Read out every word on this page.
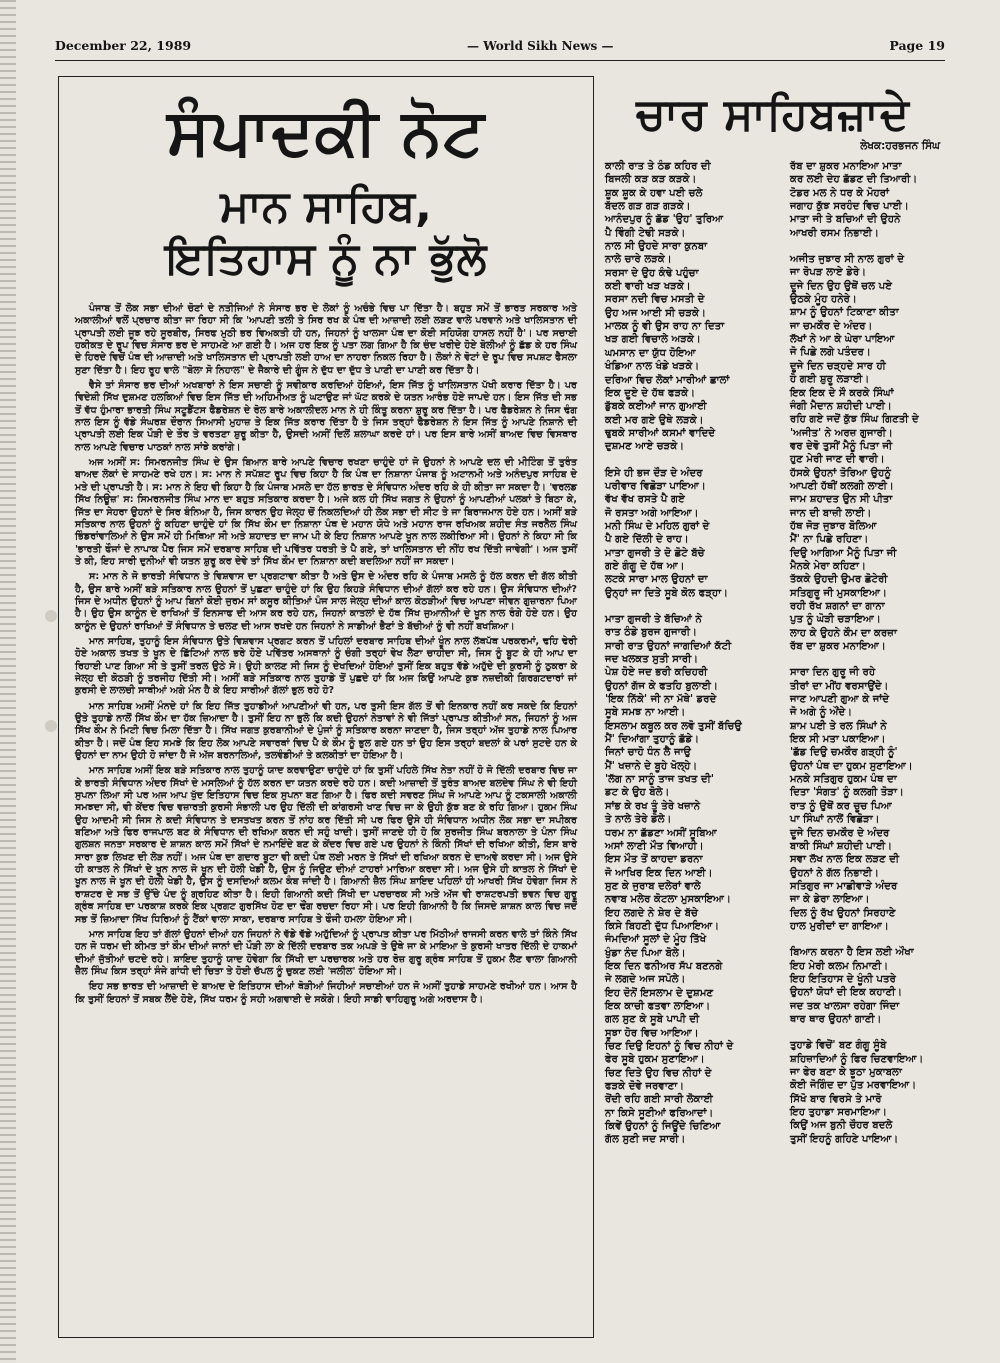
December 22, 1989	— World Sikh News —	Page 19
ਸੰਪਾਦਕੀ ਨੋਟ
ਮਾਨ ਸਾਹਿਬ,
ਇਤਿਹਾਸ ਨੂੰ ਨਾ ਭੁੱਲੋ

ਪੰਜਾਬ ਤੋਂ ਲੋਕ ਸਭਾ ਦੀਆਂ ਚੋਣਾਂ ਦੇ ਨਤੀਜਿਆਂ ਨੇ ਸੰਸਾਰ ਭਰ ਦੇ ਲੋਕਾਂ ਨੂੰ ਅਚੰਭੇ ਵਿਚ ਪਾ ਦਿੱਤਾ ਹੈ। ਬਹੁਤ ਸਮੇਂ ਤੋਂ ਭਾਰਤ ਸਰਕਾਰ ਅਤੇ ਅਕਾਲੀਆਂ ਵਲੋਂ ਪ੍ਰਚਾਰ ਕੀਤਾ ਜਾ ਰਿਹਾ ਸੀ ਕਿ 'ਆਪਣੀ ਤਲੀ ਤੇ ਸਿਰ ਰਖ ਕੇ ਪੰਥ ਦੀ ਆਜ਼ਾਦੀ ਲਈ ਲੜਣ ਵਾਲੇ ਪਰਵਾਨੇ ਅਤੇ ਖਾਲਿਸਤਾਨ ਦੀ ਪ੍ਰਾਪਤੀ ਲਈ ਜੂਝ ਰਹੇ ਸੂਰਬੀਰ, ਸਿਰਫ ਮੁਠੀ ਭਰ ਵਿਅਕਤੀ ਹੀ ਹਨ, ਜਿਹਨਾਂ ਨੂੰ ਖਾਲਸਾ ਪੰਥ ਦਾ ਕੋਈ ਸਹਿਯੋਗ ਹਾਸਲ ਨਹੀਂ ਹੈ'। ਪਰ ਸਚਾਈ ਹਕੀਕਤ ਦੇ ਰੂਪ ਵਿਚ ਸੰਸਾਰ ਭਰ ਦੇ ਸਾਹਮਣੇ ਆ ਗਈ ਹੈ। ਅਜ ਹਰ ਇਕ ਨੂੰ ਪਤਾ ਲਗ ਗਿਆ ਹੈ ਕਿ ਚੰਦ ਖਰੀਦੇ ਹੋਏ ਬੋਲੀਆਂ ਨੂੰ ਛੱਡ ਕੇ ਹਰ ਸਿੰਘ ਦੇ ਹਿਰਦੇ ਵਿਚੋਂ ਪੰਥ ਦੀ ਆਜ਼ਾਦੀ ਅਤੇ ਖਾਲਿਸਤਾਨ ਦੀ ਪ੍ਰਾਪਤੀ ਲਈ ਹਾਅ ਦਾ ਨਾਹਰਾ ਨਿਕਲ ਰਿਹਾ ਹੈ। ਲੋਕਾਂ ਨੇ ਵੋਟਾਂ ਦੇ ਰੂਪ ਵਿਚ ਸਪਸ਼ਟ ਫੈਸਲਾ ਸੁਣਾ ਦਿੱਤਾ ਹੈ। ਇਹ ਰੂਹ ਵਾਲੇ "ਬੋਲਾ ਸੋ ਨਿਹਾਲ" ਦੇ ਜੈਕਾਰੇ ਦੀ ਗੂੰਜ ਨੇ ਦੁੱਧ ਦਾ ਦੁੱਧ ਤੇ ਪਾਣੀ ਦਾ ਪਾਣੀ ਕਰ ਦਿੱਤਾ ਹੈ।

ਵੈਸੇ ਤਾਂ ਸੰਸਾਰ ਭਰ ਦੀਆਂ ਅਖਬਾਰਾਂ ਨੇ ਇਸ ਸਚਾਈ ਨੂੰ ਸਵੀਕਾਰ ਕਰਦਿਆਂ ਹੋਇਆਂ, ਇਸ ਜਿੱਤ ਨੂੰ ਖਾਲਿਸਤਾਨ ਪੱਖੀ ਕਰਾਰ ਦਿੱਤਾ ਹੈ। ਪਰ ਵਿਦੇਸ਼ੀ ਸਿੱਖ ਦੁਸ਼ਮਣ ਹਲਕਿਆਂ ਵਿਚ ਇਸ ਜਿੱਤ ਦੀ ਅਹਿਮੀਅਤ ਨੂੰ ਘਟਾਉਣ ਜਾਂ ਘੱਟ ਕਰਕੇ ਦੇ ਯਤਨ ਆਰੰਭ ਹੋਏ ਜਾਪਦੇ ਹਨ। ਇਸ ਜਿੱਤ ਦੀ ਸਭ ਤੋਂ ਵੱਧ ਹੁੰਮਾਰਾ ਭਾਰਤੀ ਸਿੰਘ ਸਟੂਡੈਂਟਸ ਫੈਡਰੇਸ਼ਨ ਦੇ ਰੋਲ ਬਾਰੇ ਅਕਾਲੀਦਲ ਮਾਨ ਨੇ ਹੀ ਕਿੰਤੂ ਕਰਨਾ ਸ਼ੁਰੂ ਕਰ ਦਿੱਤਾ ਹੈ। ਪਰ ਫੈਡਰੇਸ਼ਨ ਨੇ ਜਿਸ ਢੰਗ ਨਾਲ ਇਸ ਨੂੰ ਵੱਡੇ ਸੰਘਰਸ਼ ਦੌਰਾਨ ਸਿਆਸੀ ਮੁਹਾਜ਼ ਤੇ ਇਕ ਜਿੱਤ ਕਰਾਰ ਦਿੱਤਾ ਹੈ ਤੇ ਜਿਸ ਤਰ੍ਹਾਂ ਫੈਡਰੇਸ਼ਨ ਨੇ ਇਸ ਜਿੱਤ ਨੂੰ ਆਪਣੇ ਨਿਸ਼ਾਨੇ ਦੀ ਪ੍ਰਾਪਤੀ ਲਈ ਇਕ ਪੌੜੀ ਦੇ ਤੌਰ ਤੇ ਵਰਤਣਾ ਸ਼ੁਰੂ ਕੀਤਾ ਹੈ, ਉਸਦੀ ਅਸੀਂ ਦਿਲੋਂ ਸ਼ਲਾਘਾ ਕਰਦੇ ਹਾਂ। ਪਰ ਇਸ ਬਾਰੇ ਅਸੀਂ ਬਾਅਦ ਵਿਚ ਵਿਸਥਾਰ ਨਾਲ ਆਪਣੇ ਵਿਚਾਰ ਪਾਠਕਾਂ ਨਾਲ ਸਾਂਝੇ ਕਰਾਂਗੇ।

ਅਜ ਅਸੀਂ ਸ: ਸਿਮਰਨਜੀਤ ਸਿੰਘ ਦੇ ਉਸ ਬਿਆਨ ਬਾਰੇ ਆਪਣੇ ਵਿਚਾਰ ਰਖਣਾ ਚਾਹੁੰਦੇ ਹਾਂ ਜੋ ਉਹਨਾਂ ਨੇ ਆਪਣੇ ਦਲ ਦੀ ਮੀਟਿੰਗ ਤੋਂ ਤੁਰੰਤ ਬਾਅਦ ਲੋਕਾਂ ਦੇ ਸਾਹਮਣੇ ਰਖੇ ਹਨ। ਸ: ਮਾਨ ਨੇ ਸਪੱਸ਼ਟ ਰੂਪ ਵਿਚ ਕਿਹਾ ਹੈ ਕਿ ਪੰਥ ਦਾ ਨਿਸ਼ਾਨਾ ਪੰਜਾਬ ਨੂੰ ਅਟਾਨਮੀ ਅਤੇ ਅਨੰਦਪੁਰ ਸਾਹਿਬ ਦੇ ਮਤੇ ਦੀ ਪ੍ਰਾਪਤੀ ਹੈ। ਸ: ਮਾਨ ਨੇ ਇਹ ਵੀ ਕਿਹਾ ਹੈ ਕਿ ਪੰਜਾਬ ਮਸਲੇ ਦਾ ਹੱਲ ਭਾਰਤ ਦੇ ਸੰਵਿਧਾਨ ਅੰਦਰ ਰਹਿ ਕੇ ਹੀ ਕੀਤਾ ਜਾ ਸਕਦਾ ਹੈ। 'ਵਰਲਡ ਸਿੱਖ ਨਿਊਜ਼' ਸ: ਸਿਮਰਨਜੀਤ ਸਿੰਘ ਮਾਨ ਦਾ ਬਹੁਤ ਸਤਿਕਾਰ ਕਰਦਾ ਹੈ। ਅਜੇ ਕਲ ਹੀ ਸਿੱਖ ਜਗਤ ਨੇ ਉਹਨਾਂ ਨੂੰ ਆਪਣੀਆਂ ਪਲਕਾਂ ਤੇ ਬਿਠਾ ਕੇ, ਜਿੱਤ ਦਾ ਸੇਹਰਾ ਉਹਨਾਂ ਦੇ ਸਿਰ ਬੰਨਿਆ ਹੈ, ਜਿਸ ਕਾਰਨ ਉਹ ਜੇਲ੍ਹ ਚੋਂ ਨਿਕਲਦਿਆਂ ਹੀ ਲੋਕ ਸਭਾ ਦੀ ਸੀਟ ਤੇ ਜਾ ਬਿਰਾਜਮਾਨ ਹੋਏ ਹਨ। ਅਸੀਂ ਬੜੇ ਸਤਿਕਾਰ ਨਾਲ ਉਹਨਾਂ ਨੂੰ ਕਹਿਣਾ ਚਾਹੁੰਦੇ ਹਾਂ ਕਿ ਸਿੱਖ ਕੌਮ ਦਾ ਨਿਸ਼ਾਨਾ ਪੰਥ ਦੇ ਮਹਾਨ ਯੋਧੇ ਅਤੇ ਮਹਾਨ ਰਾਜ ਰਖਿਅਕ ਸ਼ਹੀਦ ਸੰਤ ਜਰਨੈਲ ਸਿੰਘ ਭਿੰਡਰਾਂਵਾਲਿਆਂ ਨੇ ਉਸ ਸਮੇਂ ਹੀ ਮਿਥਿਆ ਸੀ ਅਤੇ ਸ਼ਹਾਦਤ ਦਾ ਜਾਮ ਪੀ ਕੇ ਇਹ ਨਿਸ਼ਾਨ ਆਪਣੇ ਖੂਨ ਨਾਲ ਲਕੀਰਿਆ ਸੀ। ਉਹਨਾਂ ਨੇ ਕਿਹਾ ਸੀ ਕਿ 'ਭਾਰਤੀ ਫੌਜਾਂ ਦੇ ਨਾਪਾਕ ਪੈਰ ਜਿਸ ਸਮੇਂ ਦਰਬਾਰ ਸਾਹਿਬ ਦੀ ਪਵਿੱਤਰ ਧਰਤੀ ਤੇ ਪੈ ਗਏ, ਤਾਂ ਖਾਲਿਸਤਾਨ ਦੀ ਨੀਂਹ ਰਖ ਦਿੱਤੀ ਜਾਵੇਗੀ'। ਅਜ ਤੁਸੀਂ ਤੇ ਕੀ, ਇਹ ਸਾਰੀ ਦੁਨੀਆਂ ਵੀ ਯਤਨ ਸ਼ੁਰੂ ਕਰ ਦੇਵੇ ਤਾਂ ਸਿੱਖ ਕੌਮ ਦਾ ਨਿਸ਼ਾਨਾ ਕਦੀ ਬਦਲਿਆ ਨਹੀਂ ਜਾ ਸਕਦਾ।

ਸ: ਮਾਨ ਨੇ ਜੋ ਭਾਰਤੀ ਸੰਵਿਧਾਨ ਤੇ ਵਿਸ਼ਵਾਸ ਦਾ ਪ੍ਰਗਟਾਵਾ ਕੀਤਾ ਹੈ ਅਤੇ ਉਸ ਦੇ ਅੰਦਰ ਰਹਿ ਕੇ ਪੰਜਾਬ ਮਸਲੇ ਨੂੰ ਹੱਲ ਕਰਨ ਦੀ ਗੱਲ ਕੀਤੀ ਹੈ, ਉਸ ਬਾਰੇ ਅਸੀਂ ਬੜੇ ਸਤਿਕਾਰ ਨਾਲ ਉਹਨਾਂ ਤੋਂ ਪੁਛਣਾ ਚਾਹੁੰਦੇ ਹਾਂ ਕਿ ਉਹ ਕਿਹੜੇ ਸੰਵਿਧਾਨ ਦੀਆਂ ਗੱਲਾਂ ਕਰ ਰਹੇ ਹਨ। ਉਸ ਸੰਵਿਧਾਨ ਦੀਆਂ? ਜਿਸ ਦੇ ਅਧੀਨ ਉਹਨਾਂ ਨੂੰ ਆਪ ਬਿਨਾਂ ਕੋਈ ਜੁਰਮ ਸਾਂ ਕਸੂਰ ਕੀਤਿਆਂ ਪੰਜ ਸਾਲ ਜੇਲ੍ਹ ਦੀਆਂ ਕਾਲ ਕੋਠੜੀਆਂ ਵਿਚ ਆਪਣਾ ਜੀਵਨ ਗੁਜ਼ਾਰਨਾ ਪਿਆ ਹੈ। ਉਹ ਉਸ ਕਾਨੂੰਨ ਦੇ ਰਾਖਿਆਂ ਤੋਂ ਇਨਸਾਫ ਦੀ ਆਸ ਕਰ ਰਹੇ ਹਨ, ਜਿਹਨਾਂ ਕਾਤਲਾਂ ਦੇ ਹੱਥ ਸਿੱਖ ਜੁਆਨੀਆਂ ਦੇ ਖੂਨ ਨਾਲ ਰੰਗੇ ਹੋਏ ਹਨ। ਉਹ ਕਾਨੂੰਨ ਦੇ ਉਹਨਾਂ ਰਾਖਿਆਂ ਤੋਂ ਸੰਵਿਧਾਨ ਤੇ ਚਲਣ ਦੀ ਆਸ ਰਖਦੇ ਹਨ ਜਿਹਨਾਂ ਨੇ ਸਾਡੀਆਂ ਭੈਣਾਂ ਤੇ ਬੱਚੀਆਂ ਨੂੰ ਵੀ ਨਹੀਂ ਬਖਸ਼ਿਆ।

ਮਾਨ ਸਾਹਿਬ, ਤੁਹਾਨੂੰ ਇਸ ਸੰਵਿਧਾਨ ਉਤੇ ਵਿਸ਼ਵਾਸ ਪ੍ਰਗਟ ਕਰਨ ਤੋਂ ਪਹਿਲਾਂ ਦਰਬਾਰ ਸਾਹਿਬ ਦੀਆਂ ਖੂੰਨ ਨਾਲ ਲੱਥਪੱਥ ਪਰਕਰਮਾਂ, ਢਹਿ ਢੇਰੀ ਹੋਏ ਅਕਾਲ ਤਖਤ ਤੇ ਖੂਨ ਦੇ ਛਿੱਟਿਆਂ ਨਾਲ ਭਰੇ ਹੋਏ ਪਵਿੱਤਰ ਅਸਥਾਨਾਂ ਨੂੰ ਚੰਗੀ ਤਰ੍ਹਾਂ ਵੇਖ ਲੈਣਾ ਚਾਹੀਦਾ ਸੀ, ਜਿਸ ਨੂੰ ਬੂਟ ਕੇ ਹੀ ਆਪ ਦਾ ਰਿਹਾਈ ਪਾਣ ਗਿਆ ਸੀ ਤੇ ਤੁਸੀਂ ਤਰਲ ਉਠੇ ਸੋ। ਉਹੀ ਕਾਲਣ ਸੀ ਜਿਸ ਨੂੰ ਦੇਖਦਿਆਂ ਹੋਇਆਂ ਤੁਸੀਂ ਇਕ ਬਹੁਤ ਵੱਡੇ ਅਹੁੱਦੇ ਦੀ ਕੁਰਸੀ ਨੂੰ ਠੁਕਰਾ ਕੇ ਜੇਲ੍ਹ ਦੀ ਕੋਠੜੀ ਨੂੰ ਤਰਜੀਹ ਦਿੱਤੀ ਸੀ। ਅਸੀਂ ਬੜੇ ਸਤਿਕਾਰ ਨਾਲ ਤੁਹਾਡੇ ਤੋਂ ਪੁਛਦੇ ਹਾਂ ਕਿ ਅਜ ਕਿਉਂ ਆਪਣੇ ਕੁਝ ਨਜ਼ਦੀਕੀ ਗਿਰਗਟਦਾਰਾਂ ਜਾਂ ਕੁਰਸੀ ਦੇ ਲਾਲਚੀ ਸਾਥੀਆਂ ਅਗੇ ਮੰਨ ਹੈ ਕੇ ਇਹ ਸਾਰੀਆਂ ਗੱਲਾਂ ਭੁਲ ਰਹੇ ਹੋ?

ਮਾਨ ਸਾਹਿਬ ਅਸੀਂ ਮੰਨਦੇ ਹਾਂ ਕਿ ਇਹ ਜਿੱਤ ਤੁਹਾਡੀਆਂ ਆਪਣੀਆਂ ਵੀ ਹਨ, ਪਰ ਤੁਸੀ ਇਸ ਗੱਲ ਤੋਂ ਵੀ ਇਨਕਾਰ ਨਹੀਂ ਕਰ ਸਕਦੇ ਕਿ ਇਹਨਾਂ ਉਤੇ ਤੁਹਾਡੇ ਨਾਲੋਂ ਸਿੱਖ ਕੌਮ ਦਾ ਹੱਕ ਜ਼ਿਆਦਾ ਹੈ। ਤੁਸੀਂ ਇਹ ਨਾ ਭੁਲੋ ਕਿ ਕਦੀ ਉਹਨਾਂ ਨੇਤਾਵਾਂ ਨੇ ਵੀ ਜਿੱਤਾਂ ਪ੍ਰਾਪਤ ਕੀਤੀਆਂ ਸਨ, ਜਿਹਨਾਂ ਨੂੰ ਅਜ ਸਿੱਖ ਕੌਮ ਨੇ ਮਿਟੀ ਵਿਚ ਮਿਲਾ ਦਿੱਤਾ ਹੈ। ਸਿੱਖ ਜਗਤ ਕੁਰਬਾਨੀਆਂ ਦੇ ਪੁੰਜਾਂ ਨੂੰ ਸਤਿਕਾਰ ਕਰਨਾ ਜਾਣਦਾ ਹੈ, ਜਿਸ ਤਰ੍ਹਾਂ ਅੱਜ ਤੁਹਾਡੇ ਨਾਲ ਪਿਆਰ ਕੀਤਾ ਹੈ। ਜਦੋਂ ਪੰਥ ਇਹ ਸਮਝੇ ਕਿ ਇਹ ਲੋਕ ਆਪਣੇ ਸਵਾਰਥਾਂ ਵਿਚ ਪੈ ਕੇ ਕੌਮ ਨੂੰ ਭੁਲ ਗਏ ਹਨ ਤਾਂ ਉਹ ਇਸ ਤਰ੍ਹਾਂ ਬਦਲਾਂ ਕੇ ਪਰਾਂ ਸੁਟਦੇ ਹਨ ਕੇ ਉਹਨਾਂ ਦਾ ਨਾਮ ਉਹੀ ਹੋ ਜਾਂਦਾ ਹੈ ਜੋ ਅੱਜ ਬਰਨਾਲਿਆਂ, ਤਲਵੰਡੀਆਂ ਤੇ ਕਲਕੀਤਾਂ ਦਾ ਹੋਇਆ ਹੈ।

ਮਾਨ ਸਾਹਿਬ ਅਸੀਂ ਇਕ ਬੜੇ ਸਤਿਕਾਰ ਨਾਲ ਤੁਹਾਨੂੰ ਯਾਦ ਕਰਵਾਉਣਾ ਚਾਹੁੰਦੇ ਹਾਂ ਕਿ ਤੁਸੀਂ ਪਹਿਲੇ ਸਿੱਖ ਨੇਤਾ ਨਹੀਂ ਹੋ ਜੋ ਦਿੱਲੀ ਦਰਬਾਰ ਵਿਚ ਜਾ ਕੇ ਭਾਰਤੀ ਸੰਵਿਧਾਨ ਅੰਦਰ ਸਿੱਖਾਂ ਦੇ ਮਸਲਿਆਂ ਨੂੰ ਹੱਲ ਕਰਨ ਦਾ ਯਤਨ ਕਰਦੇ ਰਹੇ ਹਨ। ਕਦੀ ਆਜ਼ਾਦੀ ਤੋਂ ਤੁਰੰਤ ਬਾਅਦ ਬਲਦੇਵ ਸਿੰਘ ਨੇ ਵੀ ਇਹੀ ਸੁਪਨਾ ਲਿਆ ਸੀ ਪਰ ਅਜ ਆਪ ਖੁੱਦ ਇਤਿਹਾਸ ਵਿਚ ਇਕ ਸੁਪਨਾ ਬਣ ਗਿਆ ਹੈ। ਫਿਰ ਕਦੀ ਸਵਰਣ ਸਿੰਘ ਜੋ ਆਪਣੇ ਆਪ ਨੂੰ ਟਕਸਾਲੀ ਅਕਾਲੀ ਸਮਝਦਾ ਸੀ, ਵੀ ਕੇਂਦਰ ਵਿਚ ਵਜ਼ਾਰਤੀ ਕੁਰਸੀ ਸੰਭਾਲੀ ਪਰ ਉਹ ਦਿੱਲੀ ਦੀ ਕਾਂਗਰਸੀ ਖਾਣ ਵਿਚ ਜਾ ਕੇ ਉਹੀ ਕੁੱਝ ਬਣ ਕੇ ਰਹਿ ਗਿਆ। ਹੁਕਮ ਸਿੰਘ ਉਹ ਆਦਮੀ ਸੀ ਜਿਸ ਨੇ ਕਦੀ ਸੰਵਿਧਾਨ ਤੇ ਦਸਤਖਤ ਕਰਨ ਤੋਂ ਨਾਂਹ ਕਰ ਦਿੱਤੀ ਸੀ ਪਰ ਫਿਰ ਉਸੇ ਹੀ ਸੰਵਿਧਾਨ ਅਧੀਨ ਲੋਕ ਸਭਾ ਦਾ ਸਪੀਕਰ ਬਣਿਆ ਅਤੇ ਫਿਰ ਰਾਜਪਾਲ ਬਣ ਕੇ ਸੰਵਿਧਾਨ ਦੀ ਰਖਿਆ ਕਰਨ ਦੀ ਸਹੁੰ ਖਾਦੀ। ਤੁਸੀਂ ਜਾਣਦੇ ਹੀ ਹੋ ਕਿ ਸੁਰਜੀਤ ਸਿੰਘ ਬਰਨਾਲਾ ਤੇ ਪੰਨਾ ਸਿੰਘ ਗੁਲਸ਼ਨ ਜਨਤਾ ਸਰਕਾਰ ਦੇ ਸ਼ਾਸ਼ਨ ਕਾਲ ਸਮੇਂ ਸਿੱਖਾਂ ਦੇ ਨਮਾਇੰਦੇ ਬਣ ਕੇ ਕੇਂਦਰ ਵਿਚ ਗਏ ਪਰ ਉਹਨਾਂ ਨੇ ਕਿੰਨੀ ਸਿੱਖਾਂ ਦੀ ਰਖਿਆ ਕੀਤੀ, ਇਸ ਬਾਰੇ ਸਾਰਾ ਕੁਝ ਲਿਖਣ ਦੀ ਲੋੜ ਨਹੀਂ। ਅਜ ਪੰਥ ਦਾ ਗਦਾਰ ਬੂਟਾ ਵੀ ਕਦੀ ਪੰਥ ਲਈ ਮਰਨ ਤੇ ਸਿੱਖਾਂ ਦੀ ਰਖਿਆ ਕਰਨ ਦੇ ਦਾਅਵੇ ਕਰਦਾ ਸੀ। ਅਜ ਉਸੇ ਹੀ ਕਾਤਲ ਨੇ ਸਿੱਖਾਂ ਦੇ ਖੂਨ ਨਾਲ ਜੋ ਖੂਨ ਦੀ ਹੋਲੀ ਖੇਡੀ ਹੈ, ਉਸ ਨੂੰ ਜਿਉਣ ਦੀਆਂ ਟਾਹਰਾਂ ਮਾਰਿਆ ਕਰਦਾ ਸੀ। ਅਜ ਉਸੇ ਹੀ ਕਾਤਲ ਨੇ ਸਿੱਖਾਂ ਦੇ ਖੂਨ ਨਾਲ ਜੋ ਖੂਨ ਦੀ ਹੋਲੀ ਖੇਡੀ ਹੈ, ਉਸ ਨੂੰ ਦਸਦਿਆਂ ਕਲਮ ਕੰਬ ਜਾਂਦੀ ਹੈ। ਗਿਆਨੀ ਜ਼ੈਲ ਸਿੰਘ ਸ਼ਾਇਦ ਪਹਿਲਾਂ ਹੀ ਆਖਰੀ ਸਿੱਖ ਹੋਵੇਗਾ ਜਿਸ ਨੇ ਰਾਸ਼ਟਰ ਦੇ ਸਭ ਤੋਂ ਉੱਚੇ ਪੰਦ ਨੂੰ ਗ੍ਰਹਿਣ ਕੀਤਾ ਹੈ। ਇਹੀ ਗਿਆਨੀ ਕਦੀ ਸਿੱਖੀ ਦਾ ਪਰਚਾਰਕ ਸੀ ਅਤੇ ਅੱਜ ਵੀ ਰਾਸ਼ਟਰਪਤੀ ਭਵਨ ਵਿਚ ਗੁਰੂ ਗ੍ਰੰਥ ਸਾਹਿਬ ਦਾ ਪਰਕਾਸ਼ ਕਰਕੇ ਇਕ ਪ੍ਰਗਟ ਗੁਰਸਿੱਖ ਹੋਣ ਦਾ ਢੌਂਗ ਰਚਦਾ ਰਿਹਾ ਸੀ। ਪਰ ਇਹੀ ਗਿਆਨੀ ਹੈ ਕਿ ਜਿਸਦੇ ਸ਼ਾਸ਼ਨ ਕਾਲ ਵਿਚ ਜਦੋਂ ਸਭ ਤੋਂ ਜ਼ਿਆਦਾ ਸਿੱਖ ਧਿਰਿਆਂ ਨੂੰ ਟੈਂਕਾਂ ਵਾਲਾ ਸਾਕਾ, ਦਰਬਾਰ ਸਾਹਿਬ ਤੇ ਫੌਜੀ ਹਮਲਾ ਹੋਇਆ ਸੀ।

ਮਾਨ ਸਾਹਿਬ ਇਹ ਤਾਂ ਗੱਲਾਂ ਉਹਨਾਂ ਦੀਆਂ ਹਨ ਜਿਹਨਾਂ ਨੇ ਵੱਡੇ ਵੱਡੇ ਅਹੁੱਦਿਆਂ ਨੂੰ ਪ੍ਰਾਪਤ ਕੀਤਾ ਪਰ ਮਿੱਠੀਆਂ ਰਾਜਸੀ ਕਰਨ ਵਾਲੇ ਤਾਂ ਕਿੰਨੇ ਸਿੱਖ ਹਨ ਜੋ ਧਰਮ ਦੀ ਕੀਮਤ ਤਾਂ ਕੌਮ ਦੀਆਂ ਜਾਨਾਂ ਦੀ ਪੌੜੀ ਲਾ ਕੇ ਦਿੱਲੀ ਦਰਬਾਰ ਤਕ ਅਪੜੇ ਤੇ ਉਥੇ ਜਾ ਕੇ ਮਾਇਆ ਤੇ ਕੁਰਸੀ ਖਾਤਰ ਦਿੱਲੀ ਦੇ ਹਾਕਮਾਂ ਦੀਆਂ ਜੁੱਤੀਆਂ ਚਟਦੇ ਰਹੇ। ਸ਼ਾਇਦ ਤੁਹਾਨੂੰ ਯਾਦ ਹੋਵੇਗਾ ਕਿ ਸਿੱਖੀ ਦਾ ਪਰਚਾਰਕ ਅਤੇ ਹਰ ਰੋਜ਼ ਗੁਰੂ ਗ੍ਰੰਥ ਸਾਹਿਬ ਤੋਂ ਹੁਕਮ ਲੈਣ ਵਾਲਾ ਗਿਆਨੀ ਜ਼ੈਲ ਸਿੰਘ ਕਿਸ ਤਰ੍ਹਾਂ ਸੰਜੇ ਗਾਂਧੀ ਦੀ ਚਿਤਾ ਤੇ ਹੋਈ ਚੱਪਲ ਨੂੰ ਚੁਕਣ ਲਈ 'ਜਲੀਲ' ਹੋਇਆ ਸੀ।

ਇਹ ਸਭ ਭਾਰਤ ਦੀ ਆਜ਼ਾਦੀ ਦੇ ਬਾਅਦ ਦੇ ਇਤਿਹਾਸ ਦੀਆਂ ਥੋੜੀਆਂ ਜਿਹੀਆਂ ਸਚਾਈਆਂ ਹਨ ਜੋ ਅਸੀਂ ਤੁਹਾਡੇ ਸਾਹਮਣੇ ਰਖੀਆਂ ਹਨ। ਆਸ ਹੈ ਕਿ ਤੁਸੀਂ ਇਹਨਾਂ ਤੋਂ ਸਬਕ ਲੈਂਦੇ ਹੋਏ, ਸਿੱਖ ਧਰਮ ਨੂੰ ਸਹੀ ਅਗਵਾਈ ਦੇ ਸਕੋਗੇ। ਇਹੀ ਸਾਡੀ ਵਾਹਿਗੁਰੂ ਅਗੇ ਅਰਦਾਸ ਹੈ।

ਚਾਰ ਸਾਹਿਬਜ਼ਾਦੇ
ਲੇਖਕ:ਹਰਭਜਨ ਸਿੰਘ
ਕਾਲੀ ਰਾਤ ਤੇ ਠੰਡ ਕਹਿਰ ਦੀ
ਬਿਜਲੀ ਕੜ ਕੜ ਕੜਕੇ।
ਸ਼ੂਕ ਸ਼ੂਕ ਕੇ ਹਵਾ ਪਈ ਚਲੇ
ਬੱਦਲ ਗੜ ਗੜ ਗੜਕੇ।
ਆਨੰਦਪੁਰ ਨੂੰ ਛੱਡ 'ਉਹ' ਤੁਰਿਆ
ਪੈ ਵਿੰਗੀ ਟੇਢੀ ਸੜਕੇ।
ਨਾਲ ਸੀ ਉਹਦੇ ਸਾਰਾ ਕੁਨਬਾ
ਨਾਲੇ ਚਾਰੇ ਲੜਕੇ।
ਸਰਸਾ ਦੇ ਉਹ ਕੰਢੇ ਪਹੁੰਚਾ
ਕਈ ਵਾਰੀ ਖੜ ਖੜਕੇ।
ਸਰਸਾ ਨਦੀ ਵਿਚ ਮਸਤੀ ਦੇ
ਉਹ ਅਜ ਆਈ ਸੀ ਚੜਕੇ।
ਮਾਲਕ ਨੂੰ ਵੀ ਉਸ ਰਾਹ ਨਾ ਦਿਤਾ
ਖੜ ਗਈ ਵਿਚਾਲੇ ਅੜਕੇ।
ਘਮਸਾਨ ਦਾ ਯੁੱਧ ਹੋਇਆ
ਖੰਡਿਆ ਨਾਲ ਖੰਡੇ ਖੜਕੇ।
ਦਰਿਆ ਵਿਚ ਲੋਕਾਂ ਮਾਰੀਆਂ ਛਾਲਾਂ
ਇਕ ਦੂਏ ਦੇ ਹੱਥ ਫੜਕੇ।
ਡੁੱਬਕੇ ਕਈਆਂ ਜਾਨ ਗੁਆਈ
ਕਈ ਮਰ ਗਏ ਉਥੇ ਲੜਕੇ।
ਢੁਬਕੇ ਸਾਰੀਆਂ ਕਸਮਾਂ ਵਾਦਿਦੇ
ਦੁਸ਼ਮਣ ਆਏ ਚੜਕੇ।
ਇਸੇ ਹੀ ਭਜ ਦੌੜ ਦੇ ਅੰਦਰ
ਪਰੀਵਾਰ ਵਿਛੋੜਾ ਪਾਇਆ।
ਵੱਖ ਵੱਖ ਰਸਤੇ ਪੈ ਗਏ
ਜੋ ਰਸਤਾ ਅਗੇ ਆਇਆ।
ਮਨੀ ਸਿੰਘ ਦੇ ਮਹਿਲ ਗੁਰਾਂ ਦੇ
ਪੈ ਗਏ ਦਿੱਲੀ ਦੇ ਰਾਹ।
ਮਾਤਾ ਗੁਜਰੀ ਤੇ ਦੋ ਛੋਟੇ ਬੱਚੇ
ਗਏ ਗੰਗੂ ਦੇ ਹੱਥ ਆ।
ਲਟਕੇ ਸਾਰਾ ਮਾਲ ਉਹਨਾਂ ਦਾ
ਉਨ੍ਹਾਂ ਜਾ ਦਿਤੇ ਸੂਬੇ ਕੋਲ ਫੜ੍ਹਾ।
ਮਾਤਾ ਗੁਜਰੀ ਤੇ ਬੱਚਿਆਂ ਨੇ
ਰਾਤ ਠੰਡੇ ਬੁਰਜ ਗੁਜਾਰੀ।
ਸਾਰੀ ਰਾਤ ਉਹਨਾਂ ਜਾਗਦਿਆਂ ਕੱਟੀ
ਜਦ ਖਲਕਤ ਸੁਤੀ ਸਾਰੀ।
ਪੇਸ਼ ਹੋਏ ਜਦ ਭਰੀ ਕਚਿਹਰੀ
ਉਹਨਾਂ ਗੱਜ ਕੇ ਫਤਹਿ ਬੁਲਾਈ।
'ਇਕ ਨਿੱਕੇ' ਜੀ ਨਾ ਮੱਥੇ' ਡਰਦੇ
ਸੂਬੇ ਸਮਝ ਨਾ ਆਈ।
ਇਸਲਾਮ ਕਬੂਲ ਕਰ ਲਵੋ ਤੁਸੀਂ ਬੱਚਿਉ
ਮੈਂ' ਦਿਆਂਗਾ ਤੁਹਾਨੂੰ ਛੱਡੇ।
ਜਿਨਾਂ ਚਾਹੋ ਧੰਨ ਲੈ ਜਾਉ
ਮੈਂ' ਖਜ਼ਾਨੇ ਦੇ ਬੂਹੇ ਖੋਲ੍ਹੇ।
'ਲੱਗ ਨਾ ਸਾਨੂੰ ਤਾਜ ਤਖਤ ਦੀ'
ਡਟ ਕੇ ਉਹ ਬੋਲੇ।
ਸਾਂਭ ਕੇ ਰਖ ਤੂੰ ਤੇਰੇ ਖਜ਼ਾਨੇ
ਤੇ ਨਾਲੇ ਤੇਰੇ ਡੋਲੇ।
ਧਰਮ ਨਾ ਛੱਡਣਾ ਅਸੀਂ ਸੂਬਿਆ
ਅਸਾਂ ਲਾਣੀ ਮੌਤ ਵਿਆਹੀ।
ਇਸ ਮੌਤ ਤੋਂ ਕਾਹਦਾ ਡਰਨਾ
ਜੋ ਆਖਿਰ ਇਕ ਦਿਨ ਆਈ।
ਸੁਣ ਕੇ ਜੁਰਾਬ ਦਲੇਰਾਂ ਵਾਲੇ
ਨਵਾਬ ਮਲੇਰ ਕੋਟਲਾ ਮੁਸਕਾਇਆ।
ਇਹ ਲਗਦੇ ਨੇ ਸ਼ੇਰ ਦੇ ਬੱਚੇ
ਕਿਸੇ ਬਿਹਣੀ ਦੁੱਧ ਪਿਆਇਆ।
ਜੰਮਦਿਆਂ ਸੂਲਾਂ ਦੇ ਮੂੰਹ ਤਿੱਖੇ
ਖੁੰਡਾ ਨੰਦ ਪਿਆ ਬੋਲੇ।
ਇਕ ਦਿਨ ਫਨੀਅਰ ਸੱਪ ਬਣਨਗੇ
ਜੇ ਲਗਦੇ ਅਜ ਸਪੋਲੇ।
ਇਹ ਦੋਨੋਂ ਇਸਲਾਮ ਦੇ ਦੁਸ਼ਮਣ
ਇਕ ਕਾਚੀ ਫਤਵਾ ਲਾਇਆ।
ਗਲ ਸੁਣ ਕੇ ਸੂਬੇ ਪਾਪੀ ਦੀ
ਸੂਝਾ ਹੋਰ ਵਿਚ ਆਇਆ।
ਚਿਣ ਦਿਉ ਇਹਨਾਂ ਨੂੰ ਵਿਚ ਨੀਹਾਂ ਦੇ
ਫੇਰ ਸੂਬੇ ਹੁਕਮ ਸੁਣਾਇਆ।
ਚਿਣ ਦਿਤੇ ਉਹ ਵਿਚ ਨੀਹਾਂ ਦੇ
ਫੜਕੇ ਦੋਵੇ ਜਰਵਾਣਾ।
ਰੋਂਦੀ ਰਹਿ ਗਈ ਸਾਰੀ ਲੋਕਾਈ
ਨਾ ਕਿਸੇ ਸੂਣੀਆਂ ਫਰਿਆਦਾਂ।
ਕਿਵੇਂ ਉਹਨਾਂ ਨੂੰ ਜਿਊਂਦੇ ਚਿਣਿਆ
ਗੱਲ ਸੁਣੀ ਜਦ ਸਾਰੀ।
ਰੱਬ ਦਾ ਸ਼ੁਕਰ ਮਨਾਇਆ ਮਾਤਾ
ਕਰ ਲਈ ਦੇਹ ਛੱਡਣ ਦੀ ਤਿਆਰੀ।
ਟੋਡਰ ਮਲ ਨੇ ਧਰ ਕੇ ਮੋਹਰਾਂ
ਜਗਾਹ ਕੁੱਝ ਸਰਹੰਦ ਵਿਚ ਪਾਈ।
ਮਾਤਾ ਜੀ ਤੇ ਬਚਿਆਂ ਦੀ ਉਹਨੇ
ਆਖਰੀ ਰਸਮ ਨਿਭਾਈ।
ਅਜੀਤ ਜੁਝਾਰ ਸੀ ਨਾਲ ਗੁਰਾਂ ਦੇ
ਜਾ ਰੋਪੜ ਲਾਏ ਡੇਰੇ।
ਦੂਜੇ ਦਿਨ ਉਹ ਉਥੋਂ ਚਲ ਪਏ
ਉਠਕੇ ਮੂੰਹ ਹਨੇਰੇ।
ਸ਼ਾਮ ਨੂੰ ਉਹਨਾਂ ਟਿਕਾਣਾ ਕੀਤਾ
ਜਾ ਚਮਕੌਰ ਦੇ ਅੰਦਰ।
ਲੱਖਾਂ ਨੇ ਆ ਕੇ ਘੇਰਾ ਪਾਇਆ
ਜੋ ਪਿਛੇ ਲਗੇ ਪਤੰਦਰ।
ਦੂਜੇ ਦਿਨ ਚੜ੍ਹਦੇ ਸਾਰ ਹੀ
ਹੋ ਗਈ ਸ਼ੁਰੂ ਲੜਾਈ।
ਇਕ ਇਕ ਦੇ ਸੌ ਕਰਕੇ ਸਿੰਘਾਂ
ਜੰਗੀ ਮੈਦਾਨ ਸ਼ਹੀਦੀ ਪਾਈ।
ਰਹਿ ਗਏ ਜਦੋਂ ਕੁੱਝ ਸਿੰਘ ਗਿਣਤੀ ਦੇ
'ਅਜੀਤ' ਨੇ ਅਰਜ਼ ਗੁਜਾਰੀ।
ਵਰ ਦੇਵੋ ਤੁਸੀਂ ਮੈਨੂੰ ਪਿਤਾ ਜੀ
ਹੁਣ ਮੇਰੀ ਜਾਣ ਦੀ ਵਾਰੀ।
ਹੱਸਕੇ ਉਹਨਾਂ ਤੋਰਿਆ ਉਹਨੂੰ
ਆਪਣੀ ਹੱਥੀਂ ਕਲਗੀ ਲਾਈ।
ਜਾਮ ਸ਼ਹਾਦਤ ਉਨ ਸੀ ਪੀਤਾ
ਜਾਨ ਦੀ ਬਾਜ਼ੀ ਲਾਈ।
ਹੱਥ ਜੋੜ ਜੁਝਾਰ ਬੋਲਿਆ
ਮੈਂ' ਨਾ ਪਿਛੇ ਰਹਿਣਾ।
ਦਿਉ ਆਗਿਆ ਮੈਨੂੰ ਪਿਤਾ ਜੀ
ਮੈਨਕੇ ਮੇਰਾ ਕਹਿਣਾ।
ਤੱਕਕੇ ਉਹਦੀ ਉਮਰ ਛੋਟੇਰੀ
ਸਤਿਗੁਰੂ ਜੀ ਮੁਸਕਾਇਆ।
ਰਹੀ ਰੱਖ ਸ਼ਗਨਾਂ ਦਾ ਗਾਨਾ
ਪੁਤ ਨੂੰ ਘੋੜੀ ਚੜਾਇਆ।
ਲਾਹ ਕੇ ਉਹਨੇ ਕੌਮ ਦਾ ਕਰਜ਼ਾ
ਰੱਬ ਦਾ ਸ਼ੁਕਰ ਮਨਾਇਆ।
ਸਾਰਾ ਦਿਨ ਗੁਰੂ ਜੀ ਰਹੇ
ਤੀਰਾਂ ਦਾ ਮੀਂਹ ਵਰਸਾਉਂਦੇ।
ਜਾਣ ਆਪਣੀ ਗੁਆ ਕੇ ਜਾਂਦੇ
ਜੋ ਅਗੇ ਨੂੰ ਔਂਦੇ।
ਸ਼ਾਮ ਪਈ ਤੇ ਰਲ ਸਿੰਘਾਂ ਨੇ
ਇਕ ਸੀ ਮਤਾ ਪਕਾਇਆ।
'ਛੱਡ ਦਿਉ ਚਮਕੌਰ ਗੜ੍ਹੀ ਨੂੰ'
ਉਹਨਾਂ ਪੰਥ ਦਾ ਹੁਕਮ ਸੁਣਾਇਆ।
ਮਨਕੇ ਸਤਿਗੁਰ ਹੁਕਮ ਪੰਥ ਦਾ
ਦਿਤਾ 'ਸੰਗਤ' ਨੂੰ ਕਲਗੀ ਤੋੜਾ।
ਰਾਤ ਨੂੰ ਉਥੋਂ ਕਰ ਚੂਚ ਪਿਆ
ਪਾ ਸਿੰਘਾਂ ਨਾਲੋਂ ਵਿਛੋੜਾ।
ਦੂਜੇ ਦਿਨ ਚਮਕੌਰ ਦੇ ਅੰਦਰ
ਬਾਕੀ ਸਿੰਘਾਂ ਸ਼ਹੀਦੀ ਪਾਈ।
ਸਵਾ ਲੱਖ ਨਾਲ ਇਕ ਲੜਣ ਦੀ
ਉਹਨਾਂ ਨੇ ਗੱਲ ਨਿਭਾਈ।
ਸਤਿਗੁਰ ਜਾ ਮਾਛੀਵਾੜੇ ਅੰਦਰ
ਜਾ ਕੇ ਡੇਰਾ ਲਾਇਆ।
ਦਿਲ ਨੂੰ ਰੱਖ ਉਹਨਾਂ ਸਿਰਹਾਣੇ
ਹਾਲ ਮੁਰੀਦਾਂ ਦਾ ਗਾਇਆ।
ਬਿਆਨ ਕਰਨਾ ਹੈ ਇਸ ਲਈ ਔਖਾ
ਇਹ ਮੇਰੀ ਕਲਮ ਨਿਮਾਣੀ।
ਇਹ ਇਤਿਹਾਸ ਦੇ ਖੂੰਨੀ ਪਤਰੇ
ਉਹਨਾਂ ਯੋਧਾਂ ਦੀ ਇਕ ਕਹਾਣੀ।
ਜਦ ਤਕ ਖਾਲਸਾ ਰਹੇਗਾ ਜਿੰਦਾ
ਥਾਰ ਥਾਰ ਉਹਨਾਂ ਗਾਣੀ।
ਤੁਹਾਡੇ ਵਿਚੋਂ' ਬਣ ਗੰਗੂ ਸੂੰਬੇ
ਸ਼ਹਿਜ਼ਾਦਿਆਂ ਨੂੰ ਫਿਰ ਚਿਣਵਾਇਆ।
ਜਾ ਫੇਰ ਬਣਾ ਕੇ ਝੂਠਾ ਮੁਕਾਬਲਾ
ਕੋਈ ਜੋਗਿੰਦ ਦਾ ਪੁੱਤ ਮਰਵਾਇਆ।
ਸਿੱਖੋ ਬਾਰ ਵਿਰਸੇ ਤੇ ਮਾਰੋ
ਇਹ ਤੁਹਾਡਾ ਸਰਮਾਇਆ।
ਕਿਉਂ ਅਜ ਬੁਨੀ ਚੌਹਰ ਬਦਲੇ
ਤੁਸੀਂ ਇਹਨੂੰ ਗਹਿਣੇ ਪਾਇਆ।
